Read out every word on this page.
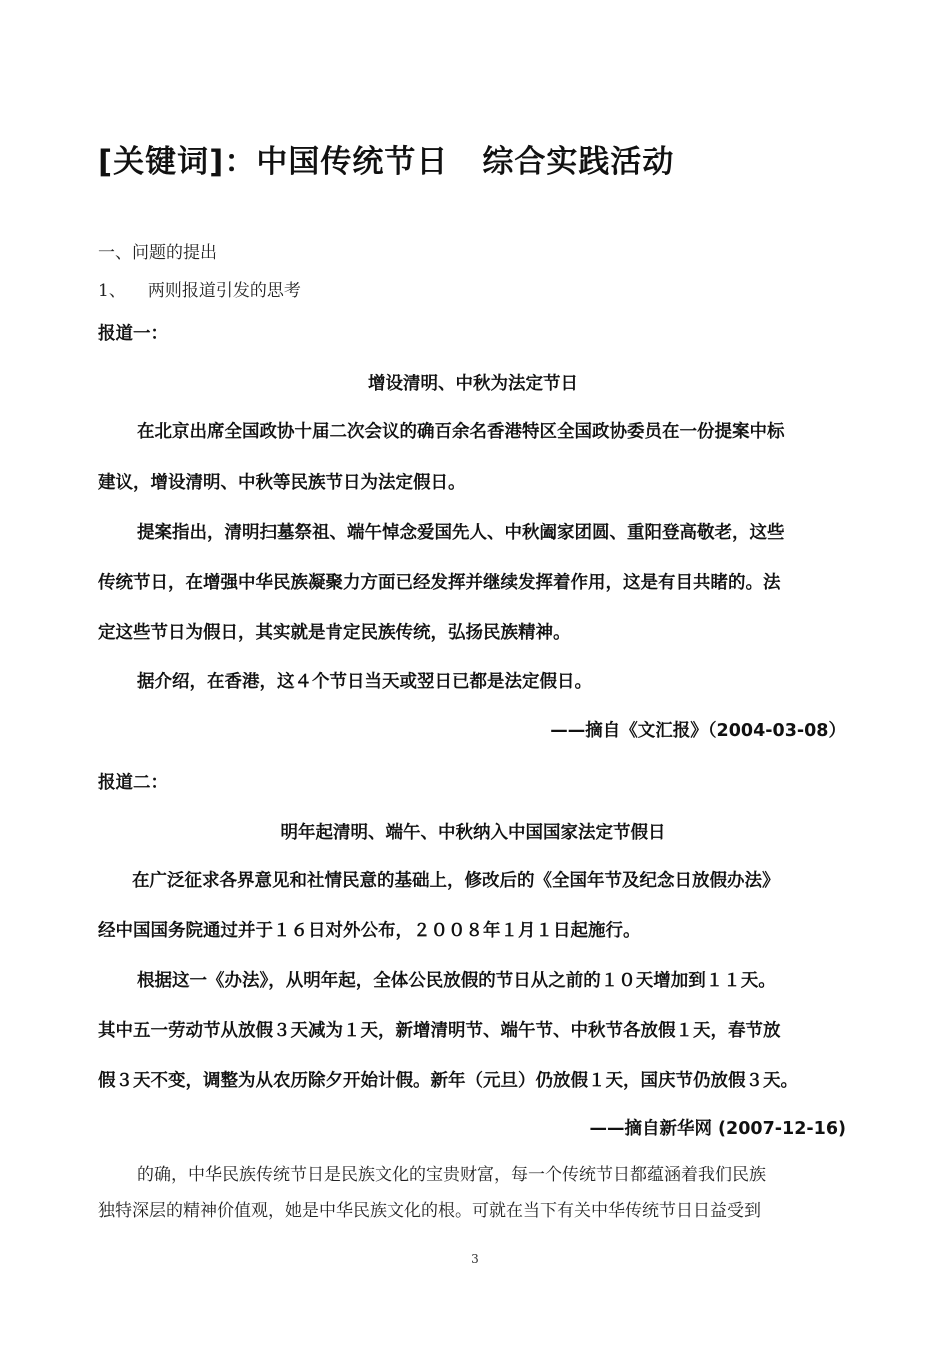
[关键词]：中国传统节日 综合实践活动
一、问题的提出
1、 两则报道引发的思考
报道一：
增设清明、中秋为法定节日
在北京出席全国政协十届二次会议的确百余名香港特区全国政协委员在一份提案中标
建议，增设清明、中秋等民族节日为法定假日。
提案指出，清明扫墓祭祖、端午悼念爱国先人、中秋阖家团圆、重阳登高敬老，这些
传统节日，在增强中华民族凝聚力方面已经发挥并继续发挥着作用，这是有目共睹的。法
定这些节日为假日，其实就是肯定民族传统，弘扬民族精神。
据介绍，在香港，这４个节日当天或翌日已都是法定假日。
——摘自《文汇报》（2004-03-08）
报道二：
明年起清明、端午、中秋纳入中国国家法定节假日
在广泛征求各界意见和社情民意的基础上，修改后的《全国年节及纪念日放假办法》
经中国国务院通过并于１６日对外公布，２００８年１月１日起施行。
根据这一《办法》，从明年起，全体公民放假的节日从之前的１０天增加到１１天。
其中五一劳动节从放假３天减为１天，新增清明节、端午节、中秋节各放假１天，春节放
假３天不变，调整为从农历除夕开始计假。新年（元旦）仍放假１天，国庆节仍放假３天。
——摘自新华网 (2007-12-16)
的确，中华民族传统节日是民族文化的宝贵财富，每一个传统节日都蕴涵着我们民族
独特深层的精神价值观，她是中华民族文化的根。可就在当下有关中华传统节日日益受到
3
